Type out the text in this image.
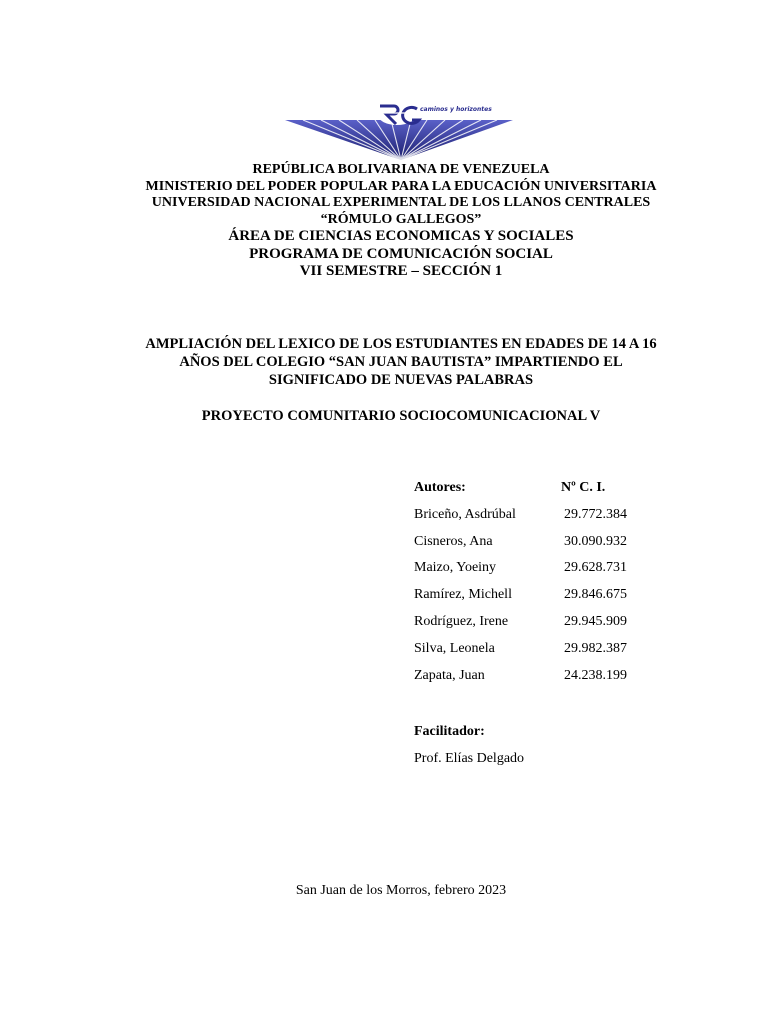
caminos y horizontes
REPÚBLICA BOLIVARIANA DE VENEZUELA
MINISTERIO DEL PODER POPULAR PARA LA EDUCACIÓN UNIVERSITARIA
UNIVERSIDAD NACIONAL EXPERIMENTAL DE LOS LLANOS CENTRALES
“RÓMULO GALLEGOS”
ÁREA DE CIENCIAS ECONOMICAS Y SOCIALES
PROGRAMA DE COMUNICACIÓN SOCIAL
VII SEMESTRE – SECCIÓN 1
AMPLIACIÓN DEL LEXICO DE LOS ESTUDIANTES EN EDADES DE 14 A 16 AÑOS DEL COLEGIO “SAN JUAN BAUTISTA” IMPARTIENDO EL SIGNIFICADO DE NUEVAS PALABRAS
PROYECTO COMUNITARIO SOCIOCOMUNICACIONAL V
Autores:	Nº C. I.
Briceño, Asdrúbal	29.772.384
Cisneros, Ana	30.090.932
Maizo, Yoeiny	29.628.731
Ramírez, Michell	29.846.675
Rodríguez, Irene	29.945.909
Silva, Leonela	29.982.387
Zapata, Juan	24.238.199
Facilitador:
Prof. Elías Delgado
San Juan de los Morros, febrero 2023
